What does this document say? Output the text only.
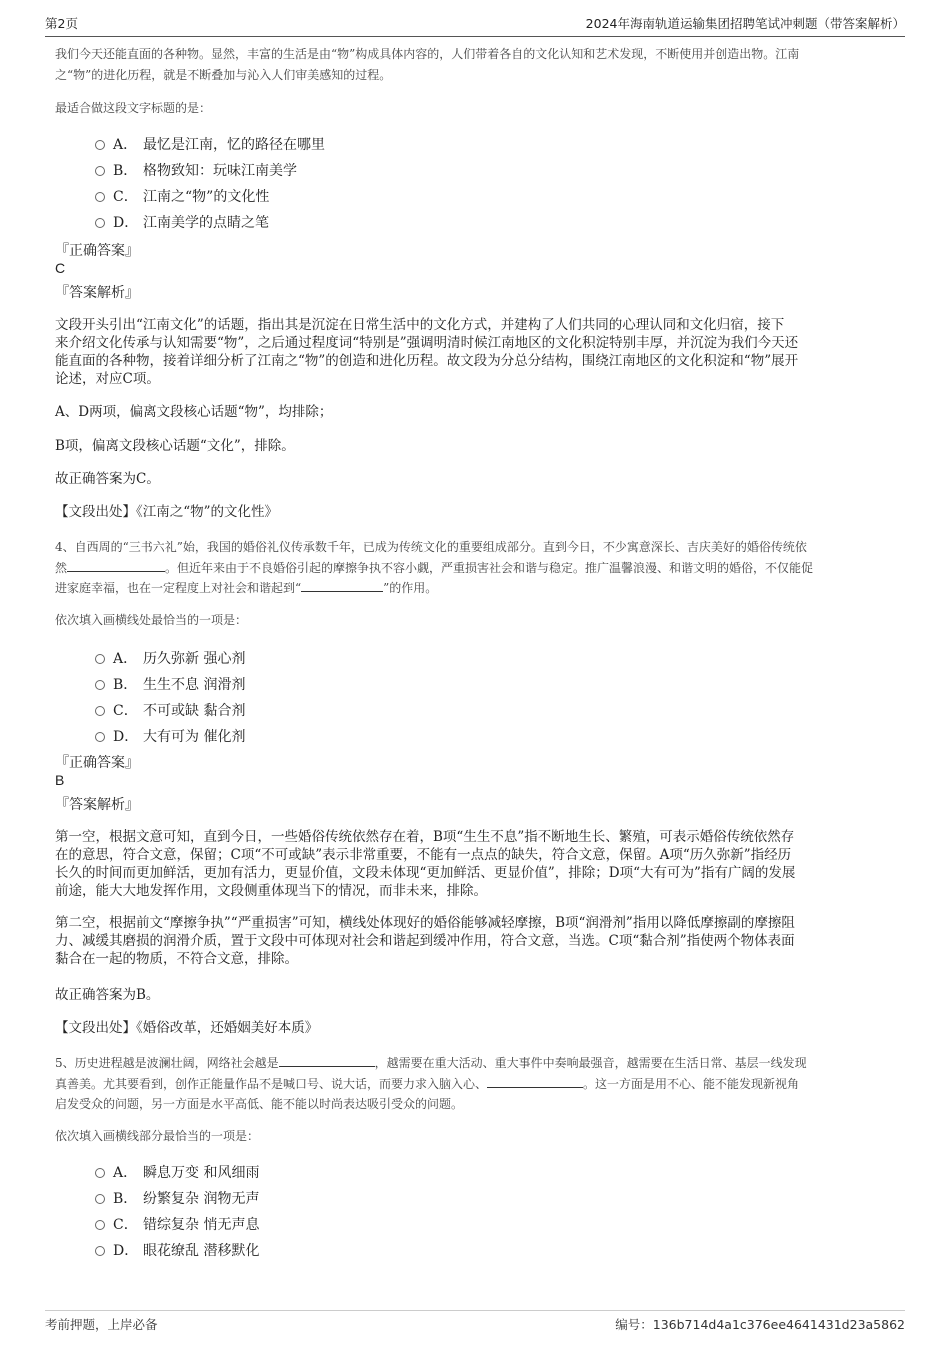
第2页	2024年海南轨道运输集团招聘笔试冲刺题（带答案解析）
我们今天还能直面的各种物。显然，丰富的生活是由“物”构成具体内容的，人们带着各自的文化认知和艺术发现，不断使用并创造出物。江南
之“物”的进化历程，就是不断叠加与沁入人们审美感知的过程。
最适合做这段文字标题的是：
A． 最忆是江南，忆的路径在哪里
B． 格物致知：玩味江南美学
C． 江南之“物”的文化性
D． 江南美学的点睛之笔
『正确答案』
C
『答案解析』
文段开头引出“江南文化”的话题，指出其是沉淀在日常生活中的文化方式，并建构了人们共同的心理认同和文化归宿，接下
来介绍文化传承与认知需要“物”，之后通过程度词“特别是”强调明清时候江南地区的文化积淀特别丰厚，并沉淀为我们今天还
能直面的各种物，接着详细分析了江南之“物”的创造和进化历程。故文段为分总分结构，围绕江南地区的文化积淀和“物”展开
论述，对应C项。
A、D两项，偏离文段核心话题“物”，均排除；
B项，偏离文段核心话题“文化”，排除。
故正确答案为C。
【文段出处】《江南之“物”的文化性》
4、自西周的“三书六礼”始，我国的婚俗礼仪传承数千年，已成为传统文化的重要组成部分。直到今日，不少寓意深长、吉庆美好的婚俗传统依
然	。但近年来由于不良婚俗引起的摩擦争执不容小觑，严重损害社会和谐与稳定。推广温馨浪漫、和谐文明的婚俗，不仅能促
进家庭幸福，也在一定程度上对社会和谐起到“	”的作用。
依次填入画横线处最恰当的一项是：
A． 历久弥新 强心剂
B． 生生不息 润滑剂
C． 不可或缺 黏合剂
D． 大有可为 催化剂
『正确答案』
B
『答案解析』
第一空，根据文意可知，直到今日，一些婚俗传统依然存在着，B项“生生不息”指不断地生长、繁殖，可表示婚俗传统依然存
在的意思，符合文意，保留；C项“不可或缺”表示非常重要，不能有一点点的缺失，符合文意，保留。A项“历久弥新”指经历
长久的时间而更加鲜活，更加有活力，更显价值，文段未体现“更加鲜活、更显价值”，排除；D项“大有可为”指有广阔的发展
前途，能大大地发挥作用，文段侧重体现当下的情况，而非未来，排除。
第二空，根据前文“摩擦争执”“严重损害”可知，横线处体现好的婚俗能够减轻摩擦，B项“润滑剂”指用以降低摩擦副的摩擦阻
力、减缓其磨损的润滑介质，置于文段中可体现对社会和谐起到缓冲作用，符合文意，当选。C项“黏合剂”指使两个物体表面
黏合在一起的物质，不符合文意，排除。
故正确答案为B。
【文段出处】《婚俗改革，还婚姻美好本质》
5、历史进程越是波澜壮阔，网络社会越是	，越需要在重大活动、重大事件中奏响最强音，越需要在生活日常、基层一线发现
真善美。尤其要看到，创作正能量作品不是喊口号、说大话，而要力求入脑入心、	。这一方面是用不心、能不能发现新视角
启发受众的问题，另一方面是水平高低、能不能以时尚表达吸引受众的问题。
依次填入画横线部分最恰当的一项是：
A． 瞬息万变 和风细雨
B． 纷繁复杂 润物无声
C． 错综复杂 悄无声息
D． 眼花缭乱 潜移默化
考前押题，上岸必备	编号：136b714d4a1c376ee4641431d23a5862
